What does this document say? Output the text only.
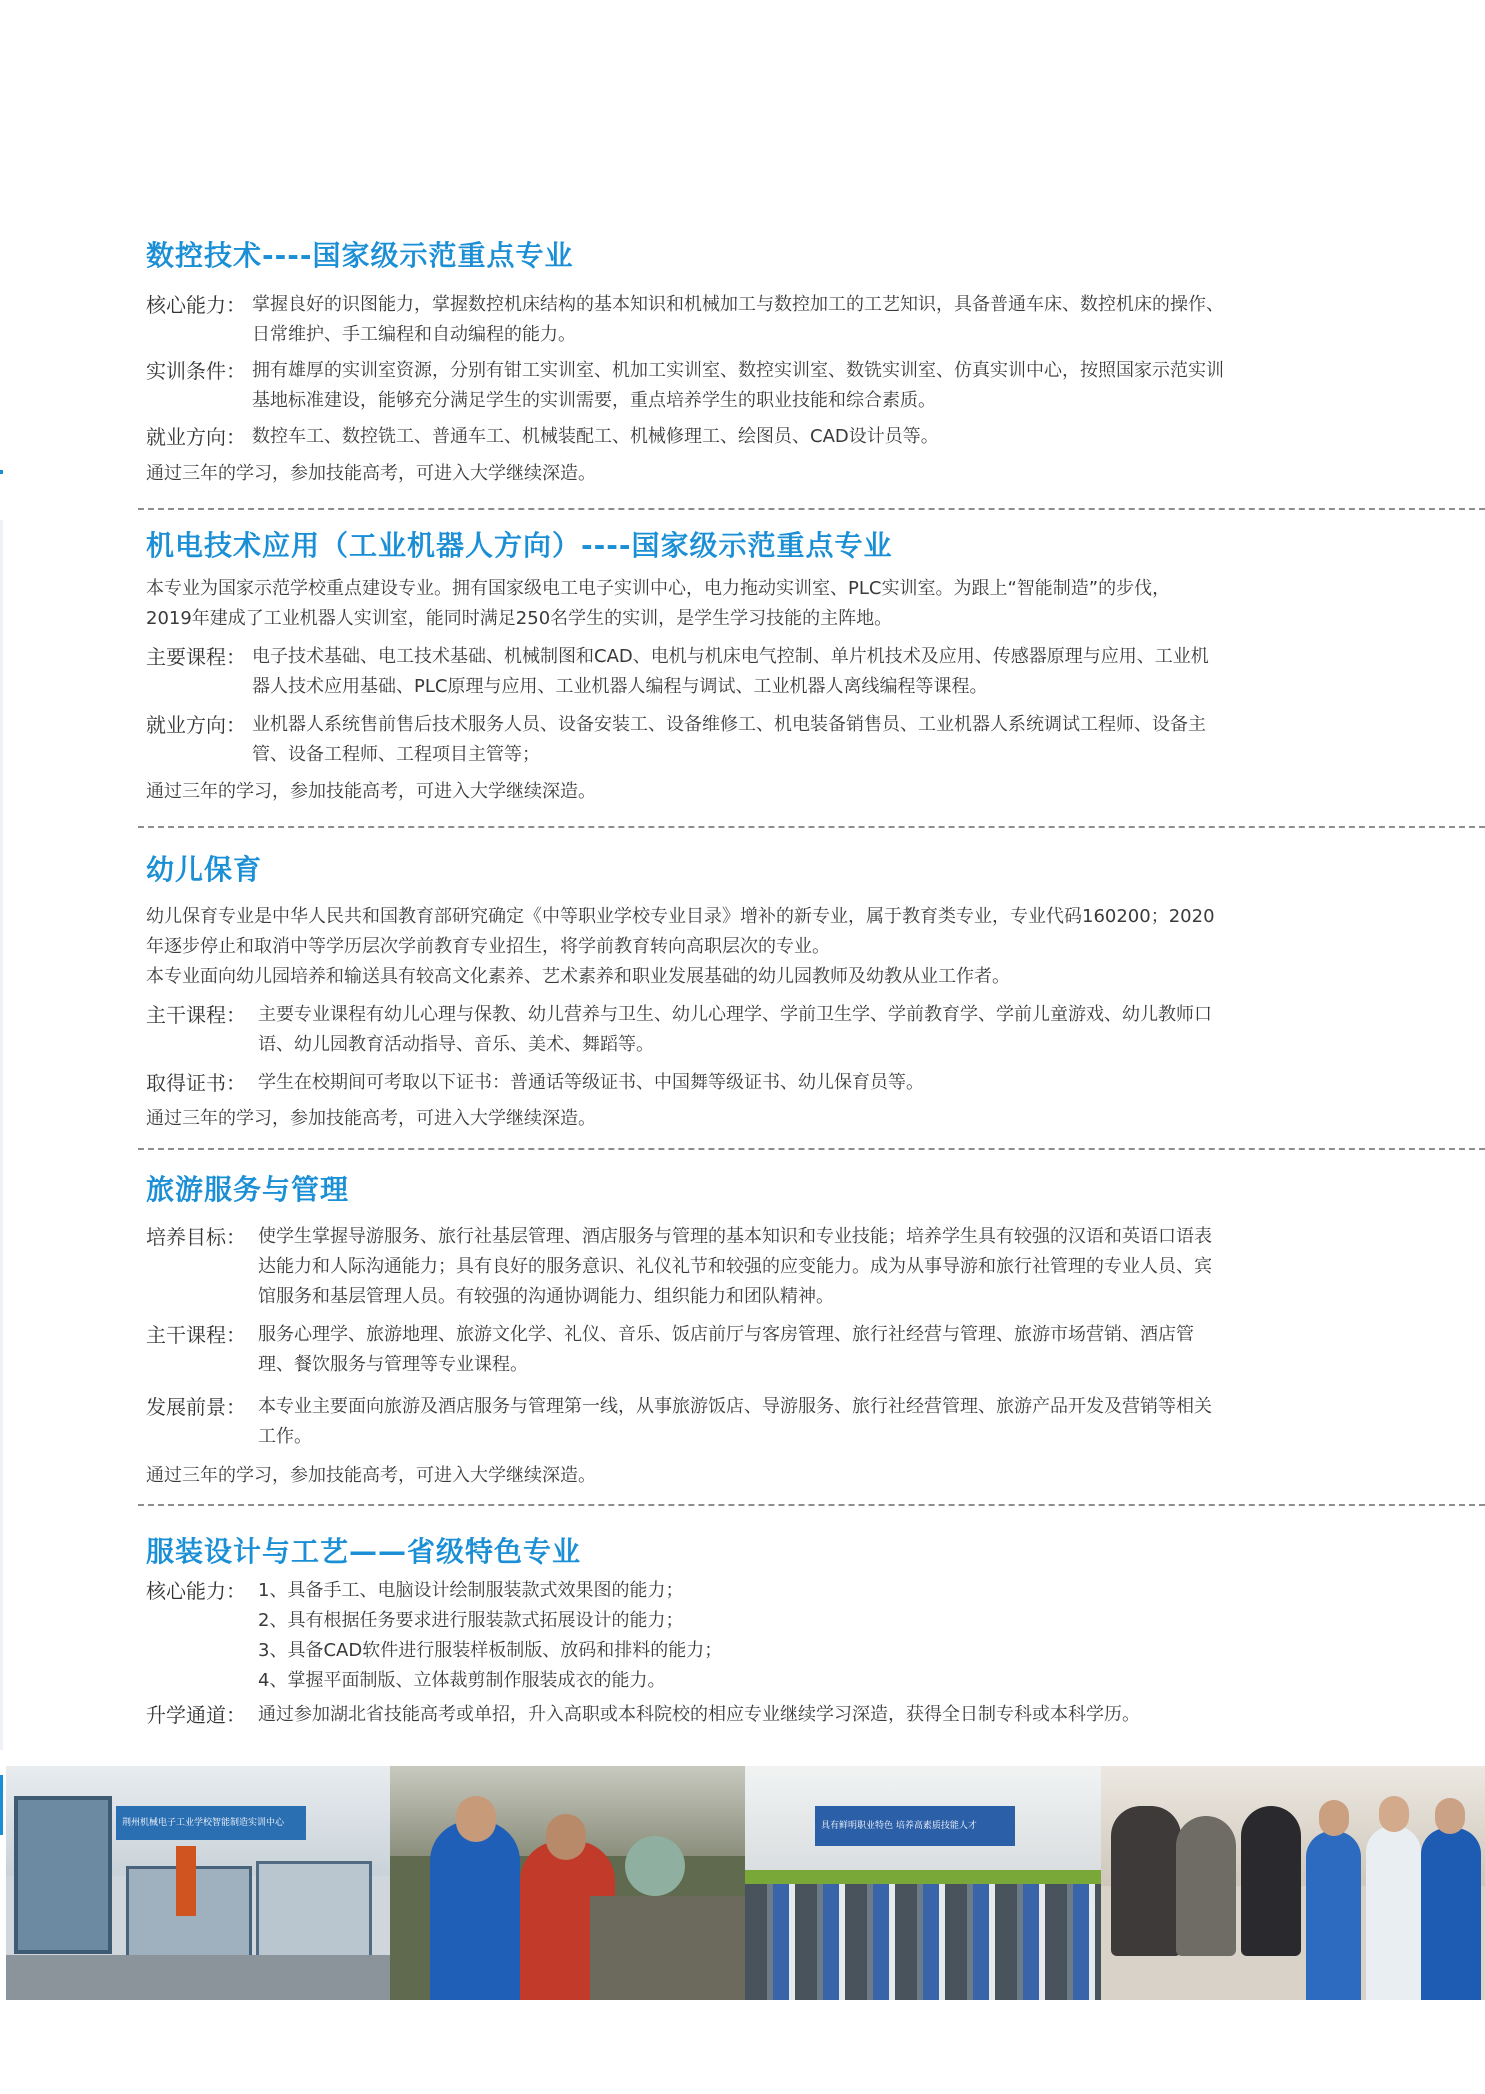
数控技术----国家级示范重点专业
核心能力： 掌握良好的识图能力，掌握数控机床结构的基本知识和机械加工与数控加工的工艺知识，具备普通车床、数控机床的操作、
日常维护、手工编程和自动编程的能力。
实训条件： 拥有雄厚的实训室资源，分别有钳工实训室、机加工实训室、数控实训室、数铣实训室、仿真实训中心，按照国家示范实训
基地标准建设，能够充分满足学生的实训需要，重点培养学生的职业技能和综合素质。
就业方向： 数控车工、数控铣工、普通车工、机械装配工、机械修理工、绘图员、CAD设计员等。

通过三年的学习，参加技能高考，可进入大学继续深造。

机电技术应用（工业机器人方向）----国家级示范重点专业

本专业为国家示范学校重点建设专业。拥有国家级电工电子实训中心，电力拖动实训室、PLC实训室。为跟上“智能制造”的步伐，
2019年建成了工业机器人实训室，能同时满足250名学生的实训，是学生学习技能的主阵地。

主要课程： 电子技术基础、电工技术基础、机械制图和CAD、电机与机床电气控制、单片机技术及应用、传感器原理与应用、工业机
器人技术应用基础、PLC原理与应用、工业机器人编程与调试、工业机器人离线编程等课程。
就业方向： 业机器人系统售前售后技术服务人员、设备安装工、设备维修工、机电装备销售员、工业机器人系统调试工程师、设备主
管、设备工程师、工程项目主管等；

通过三年的学习，参加技能高考，可进入大学继续深造。

幼儿保育

幼儿保育专业是中华人民共和国教育部研究确定《中等职业学校专业目录》增补的新专业，属于教育类专业，专业代码160200；2020
年逐步停止和取消中等学历层次学前教育专业招生，将学前教育转向高职层次的专业。
本专业面向幼儿园培养和输送具有较高文化素养、艺术素养和职业发展基础的幼儿园教师及幼教从业工作者。

主干课程： 主要专业课程有幼儿心理与保教、幼儿营养与卫生、幼儿心理学、学前卫生学、学前教育学、学前儿童游戏、幼儿教师口
语、幼儿园教育活动指导、音乐、美术、舞蹈等。
取得证书： 学生在校期间可考取以下证书：普通话等级证书、中国舞等级证书、幼儿保育员等。

通过三年的学习，参加技能高考，可进入大学继续深造。

旅游服务与管理
培养目标： 使学生掌握导游服务、旅行社基层管理、酒店服务与管理的基本知识和专业技能；培养学生具有较强的汉语和英语口语表
达能力和人际沟通能力；具有良好的服务意识、礼仪礼节和较强的应变能力。成为从事导游和旅行社管理的专业人员、宾
馆服务和基层管理人员。有较强的沟通协调能力、组织能力和团队精神。
主干课程： 服务心理学、旅游地理、旅游文化学、礼仪、音乐、饭店前厅与客房管理、旅行社经营与管理、旅游市场营销、酒店管
理、餐饮服务与管理等专业课程。
发展前景： 本专业主要面向旅游及酒店服务与管理第一线，从事旅游饭店、导游服务、旅行社经营管理、旅游产品开发及营销等相关
工作。

通过三年的学习，参加技能高考，可进入大学继续深造。

服装设计与工艺——省级特色专业
核心能力： 1、具备手工、电脑设计绘制服装款式效果图的能力；
2、具有根据任务要求进行服装款式拓展设计的能力；
3、具备CAD软件进行服装样板制版、放码和排料的能力；
4、掌握平面制版、立体裁剪制作服装成衣的能力。
升学通道： 通过参加湖北省技能高考或单招，升入高职或本科院校的相应专业继续学习深造，获得全日制专科或本科学历。
荆州机械电子工业学校智能制造实训中心	具有鲜明职业特色 培养高素质技能人才
